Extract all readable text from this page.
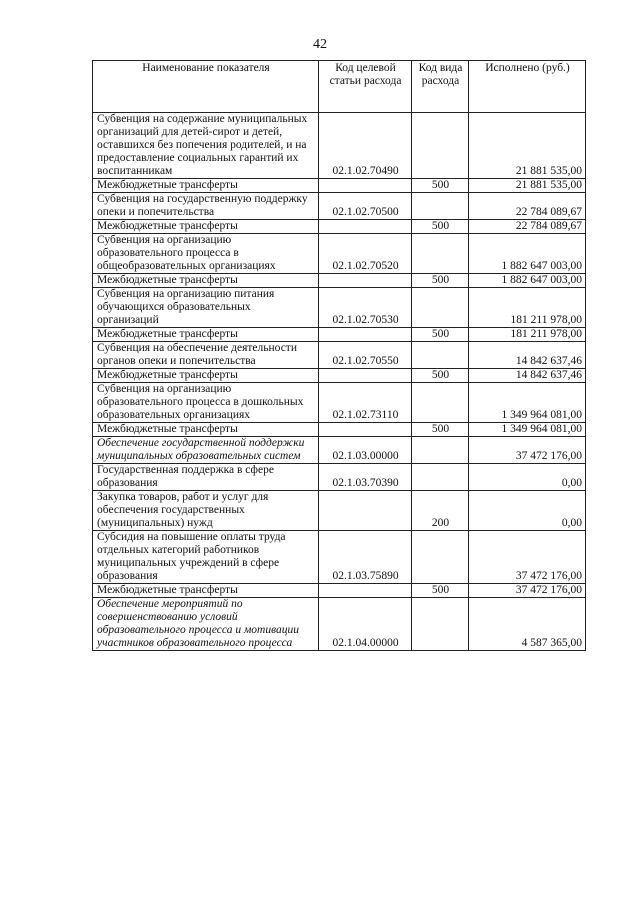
42
Наименование показателя	Код целевой статьи расхода	Код вида расхода	Исполнено (руб.)
Субвенция на содержание муниципальных организаций для детей-сирот и детей, оставшихся без попечения родителей, и на предоставление социальных гарантий их воспитанникам	02.1.02.70490		21 881 535,00
Межбюджетные трансферты		500	21 881 535,00
Субвенция на государственную поддержку опеки и попечительства	02.1.02.70500		22 784 089,67
Межбюджетные трансферты		500	22 784 089,67
Субвенция на организацию образовательного процесса в общеобразовательных организациях	02.1.02.70520		1 882 647 003,00
Межбюджетные трансферты		500	1 882 647 003,00
Субвенция на организацию питания обучающихся образовательных организаций	02.1.02.70530		181 211 978,00
Межбюджетные трансферты		500	181 211 978,00
Субвенция на обеспечение деятельности органов опеки и попечительства	02.1.02.70550		14 842 637,46
Межбюджетные трансферты		500	14 842 637,46
Субвенция на организацию образовательного процесса в дошкольных образовательных организациях	02.1.02.73110		1 349 964 081,00
Межбюджетные трансферты		500	1 349 964 081,00
Обеспечение государственной поддержки муниципальных образовательных систем	02.1.03.00000		37 472 176,00
Государственная поддержка в сфере образования	02.1.03.70390		0,00
Закупка товаров, работ и услуг для обеспечения государственных (муниципальных) нужд		200	0,00
Субсидия на повышение оплаты труда отдельных категорий работников муниципальных учреждений в сфере образования	02.1.03.75890		37 472 176,00
Межбюджетные трансферты		500	37 472 176,00
Обеспечение мероприятий по совершенствованию условий образовательного процесса и мотивации участников образовательного процесса	02.1.04.00000		4 587 365,00
